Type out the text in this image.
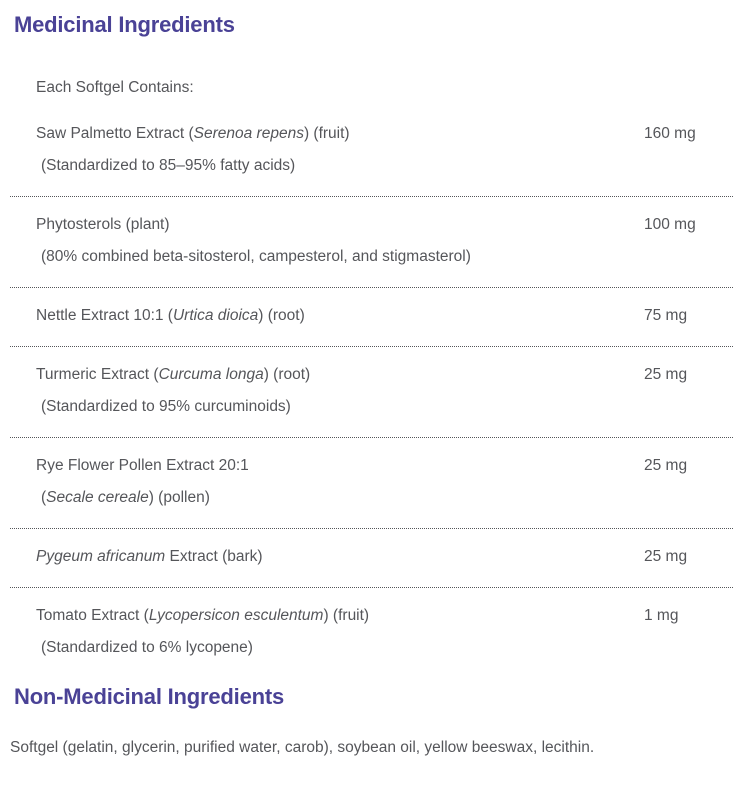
Medicinal Ingredients
Each Softgel Contains:
Saw Palmetto Extract (Serenoa repens) (fruit)
(Standardized to 85–95% fatty acids)
160 mg
Phytosterols (plant)
(80% combined beta-sitosterol, campesterol, and stigmasterol)
100 mg
Nettle Extract 10:1 (Urtica dioica) (root)	75 mg
Turmeric Extract (Curcuma longa) (root)
(Standardized to 95% curcuminoids)
25 mg
Rye Flower Pollen Extract 20:1
(Secale cereale) (pollen)
25 mg
Pygeum africanum Extract (bark)	25 mg
Tomato Extract (Lycopersicon esculentum) (fruit)
(Standardized to 6% lycopene)
1 mg
Non-Medicinal Ingredients

Softgel (gelatin, glycerin, purified water, carob), soybean oil, yellow beeswax, lecithin.
